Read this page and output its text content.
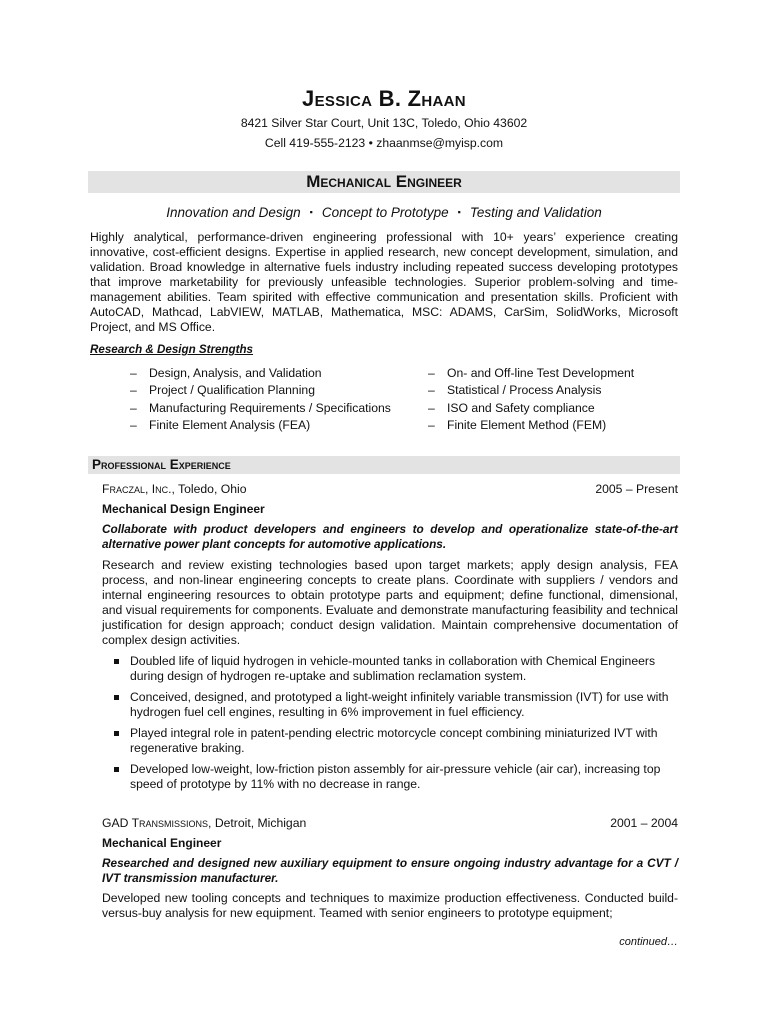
Jessica B. Zhaan
8421 Silver Star Court, Unit 13C, Toledo, Ohio 43602
Cell 419-555-2123 • zhaanmse@myisp.com
Mechanical Engineer
Innovation and Design ▪ Concept to Prototype ▪ Testing and Validation
Highly analytical, performance-driven engineering professional with 10+ years’ experience creating innovative, cost-efficient designs. Expertise in applied research, new concept development, simulation, and validation. Broad knowledge in alternative fuels industry including repeated success developing prototypes that improve marketability for previously unfeasible technologies. Superior problem-solving and time-management abilities. Team spirited with effective communication and presentation skills. Proficient with AutoCAD, Mathcad, LabVIEW, MATLAB, Mathematica, MSC: ADAMS, CarSim, SolidWorks, Microsoft Project, and MS Office.
Research & Design Strengths
– Design, Analysis, and Validation
– Project / Qualification Planning
– Manufacturing Requirements / Specifications
– Finite Element Analysis (FEA)
– On- and Off-line Test Development
– Statistical / Process Analysis
– ISO and Safety compliance
– Finite Element Method (FEM)
Professional Experience
Fraczal, Inc., Toledo, Ohio	2005 – Present
Mechanical Design Engineer
Collaborate with product developers and engineers to develop and operationalize state-of-the-art alternative power plant concepts for automotive applications.
Research and review existing technologies based upon target markets; apply design analysis, FEA process, and non-linear engineering concepts to create plans. Coordinate with suppliers / vendors and internal engineering resources to obtain prototype parts and equipment; define functional, dimensional, and visual requirements for components. Evaluate and demonstrate manufacturing feasibility and technical justification for design approach; conduct design validation. Maintain comprehensive documentation of complex design activities.
Doubled life of liquid hydrogen in vehicle-mounted tanks in collaboration with Chemical Engineers during design of hydrogen re-uptake and sublimation reclamation system.
Conceived, designed, and prototyped a light-weight infinitely variable transmission (IVT) for use with hydrogen fuel cell engines, resulting in 6% improvement in fuel efficiency.
Played integral role in patent-pending electric motorcycle concept combining miniaturized IVT with regenerative braking.
Developed low-weight, low-friction piston assembly for air-pressure vehicle (air car), increasing top speed of prototype by 11% with no decrease in range.
GAD Transmissions, Detroit, Michigan	2001 – 2004
Mechanical Engineer
Researched and designed new auxiliary equipment to ensure ongoing industry advantage for a CVT / IVT transmission manufacturer.
Developed new tooling concepts and techniques to maximize production effectiveness. Conducted build-versus-buy analysis for new equipment. Teamed with senior engineers to prototype equipment;
continued…
